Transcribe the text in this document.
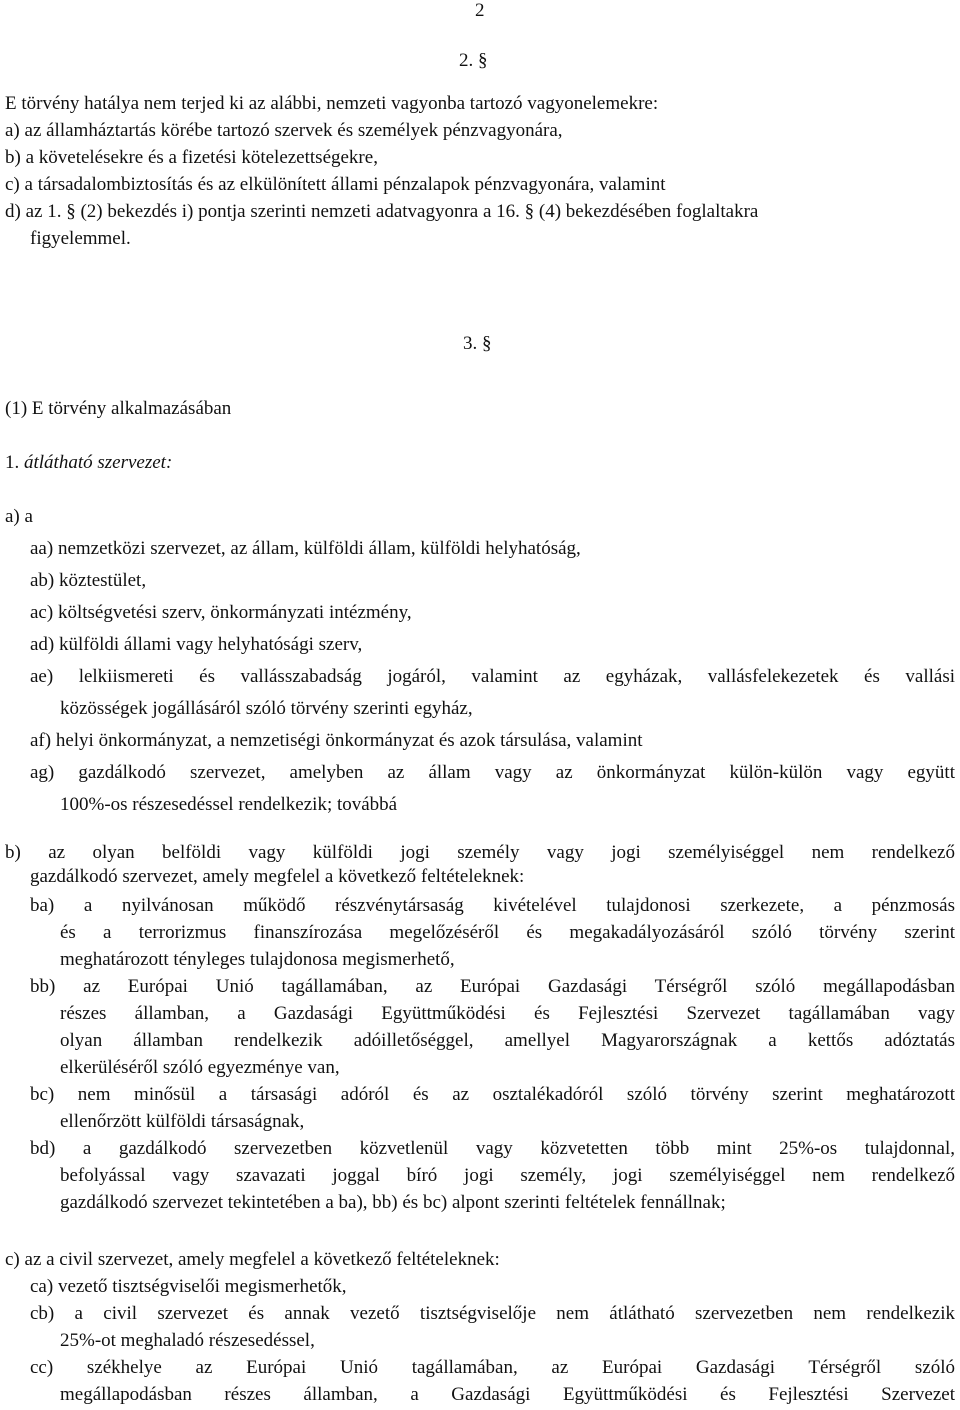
2
2. §
E törvény hatálya nem terjed ki az alábbi, nemzeti vagyonba tartozó vagyonelemekre:
a) az államháztartás körébe tartozó szervek és személyek pénzvagyonára,
b) a követelésekre és a fizetési kötelezettségekre,
c) a társadalombiztosítás és az elkülönített állami pénzalapok pénzvagyonára, valamint
d) az 1. § (2) bekezdés i) pontja szerinti nemzeti adatvagyonra a 16. § (4) bekezdésében foglaltakra
figyelemmel.
3. §
(1) E törvény alkalmazásában
1. átlátható szervezet:
a) a
aa) nemzetközi szervezet, az állam, külföldi állam, külföldi helyhatóság,
ab) köztestület,
ac) költségvetési szerv, önkormányzati intézmény,
ad) külföldi állami vagy helyhatósági szerv,
ae) lelkiismereti és vallásszabadság jogáról, valamint az egyházak, vallásfelekezetek és vallási
közösségek jogállásáról szóló törvény szerinti egyház,
af) helyi önkormányzat, a nemzetiségi önkormányzat és azok társulása, valamint
ag) gazdálkodó szervezet, amelyben az állam vagy az önkormányzat külön-külön vagy együtt
100%-os részesedéssel rendelkezik; továbbá
b) az olyan belföldi vagy külföldi jogi személy vagy jogi személyiséggel nem rendelkező
gazdálkodó szervezet, amely megfelel a következő feltételeknek:
ba) a nyilvánosan működő részvénytársaság kivételével tulajdonosi szerkezete, a pénzmosás
és a terrorizmus finanszírozása megelőzéséről és megakadályozásáról szóló törvény szerint
meghatározott tényleges tulajdonosa megismerhető,
bb) az Európai Unió tagállamában, az Európai Gazdasági Térségről szóló megállapodásban
részes államban, a Gazdasági Együttműködési és Fejlesztési Szervezet tagállamában vagy
olyan államban rendelkezik adóilletőséggel, amellyel Magyarországnak a kettős adóztatás
elkerüléséről szóló egyezménye van,
bc) nem minősül a társasági adóról és az osztalékadóról szóló törvény szerint meghatározott
ellenőrzött külföldi társaságnak,
bd) a gazdálkodó szervezetben közvetlenül vagy közvetetten több mint 25%-os tulajdonnal,
befolyással vagy szavazati joggal bíró jogi személy, jogi személyiséggel nem rendelkező
gazdálkodó szervezet tekintetében a ba), bb) és bc) alpont szerinti feltételek fennállnak;
c) az a civil szervezet, amely megfelel a következő feltételeknek:
ca) vezető tisztségviselői megismerhetők,
cb) a civil szervezet és annak vezető tisztségviselője nem átlátható szervezetben nem rendelkezik
25%-ot meghaladó részesedéssel,
cc) székhelye az Európai Unió tagállamában, az Európai Gazdasági Térségről szóló
megállapodásban részes államban, a Gazdasági Együttműködési és Fejlesztési Szervezet
